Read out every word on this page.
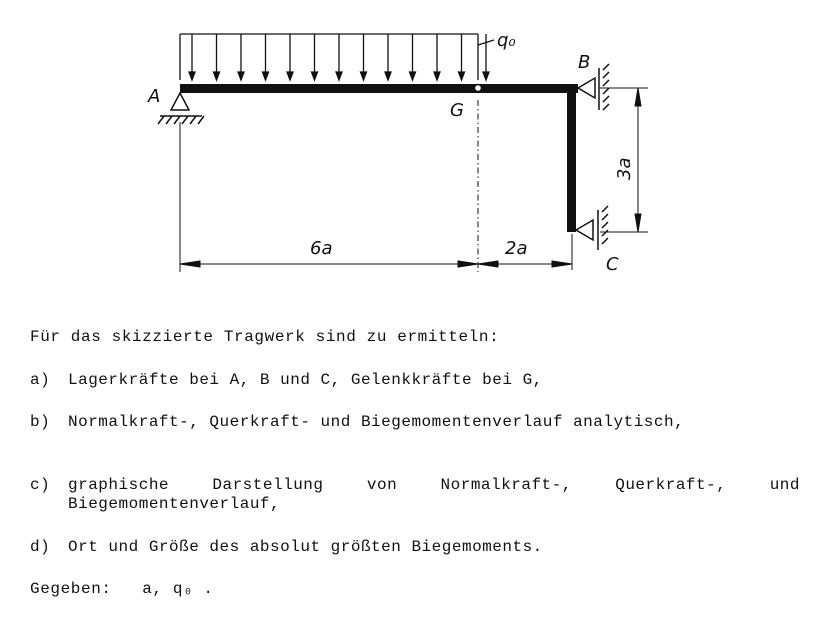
A
B
C
G
q₀
6a	2a
3a
Für das skizzierte Tragwerk sind zu ermitteln:
a) Lagerkräfte bei A, B und C, Gelenkkräfte bei G,
b) Normalkraft-, Querkraft- und Biegemomentenverlauf analytisch,
c) graphische Darstellung von Normalkraft-, Querkraft-, und Biegemomentenverlauf,
d) Ort und Größe des absolut größten Biegemoments.
Gegeben:   a, q₀ .
